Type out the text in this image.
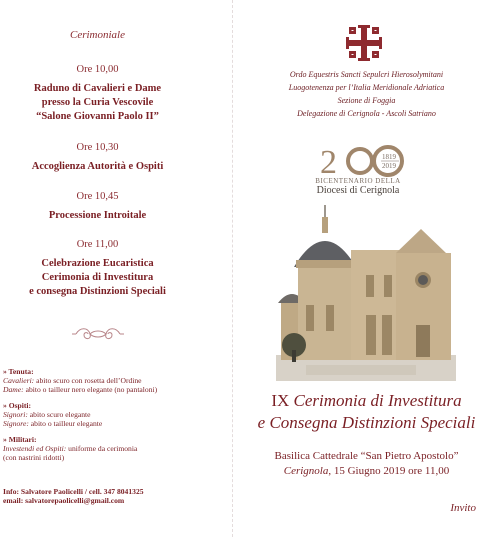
Cerimoniale
Ore 10,00
Raduno di Cavalieri e Dame
presso la Curia Vescovile
“Salone Giovanni Paolo II”
Ore 10,30
Accoglienza Autorità e Ospiti
Ore 10,45
Processione Introitale
Ore 11,00
Celebrazione Eucaristica
Cerimonia di Investitura
e consegna Distinzioni Speciali
» Tenuta:
Cavalieri: abito scuro con rosetta dell’Ordine
Dame: abito o tailleur nero elegante (no pantaloni)
» Ospiti:
Signori: abito scuro elegante
Signore: abito o tailleur elegante
» Militari:
Investendi ed Ospiti: uniforme da cerimonia
(con nastrini ridotti)
Info: Salvatore Paolicelli / cell. 347 8041325
email: salvatorepaolicelli@gmail.com
Ordo Equestris Sancti Sepulcri Hierosolymitani
Luogotenenza per l’Italia Meridionale Adriatica
Sezione di Foggia
Delegazione di Cerignola - Ascoli Satriano
2	1819
2019
BICENTENARIO DELLA
Diocesi di Cerignola
IX Cerimonia di Investitura
e Consegna Distinzioni Speciali
Basilica Cattedrale “San Pietro Apostolo”
Cerignola, 15 Giugno 2019 ore 11,00
Invito
